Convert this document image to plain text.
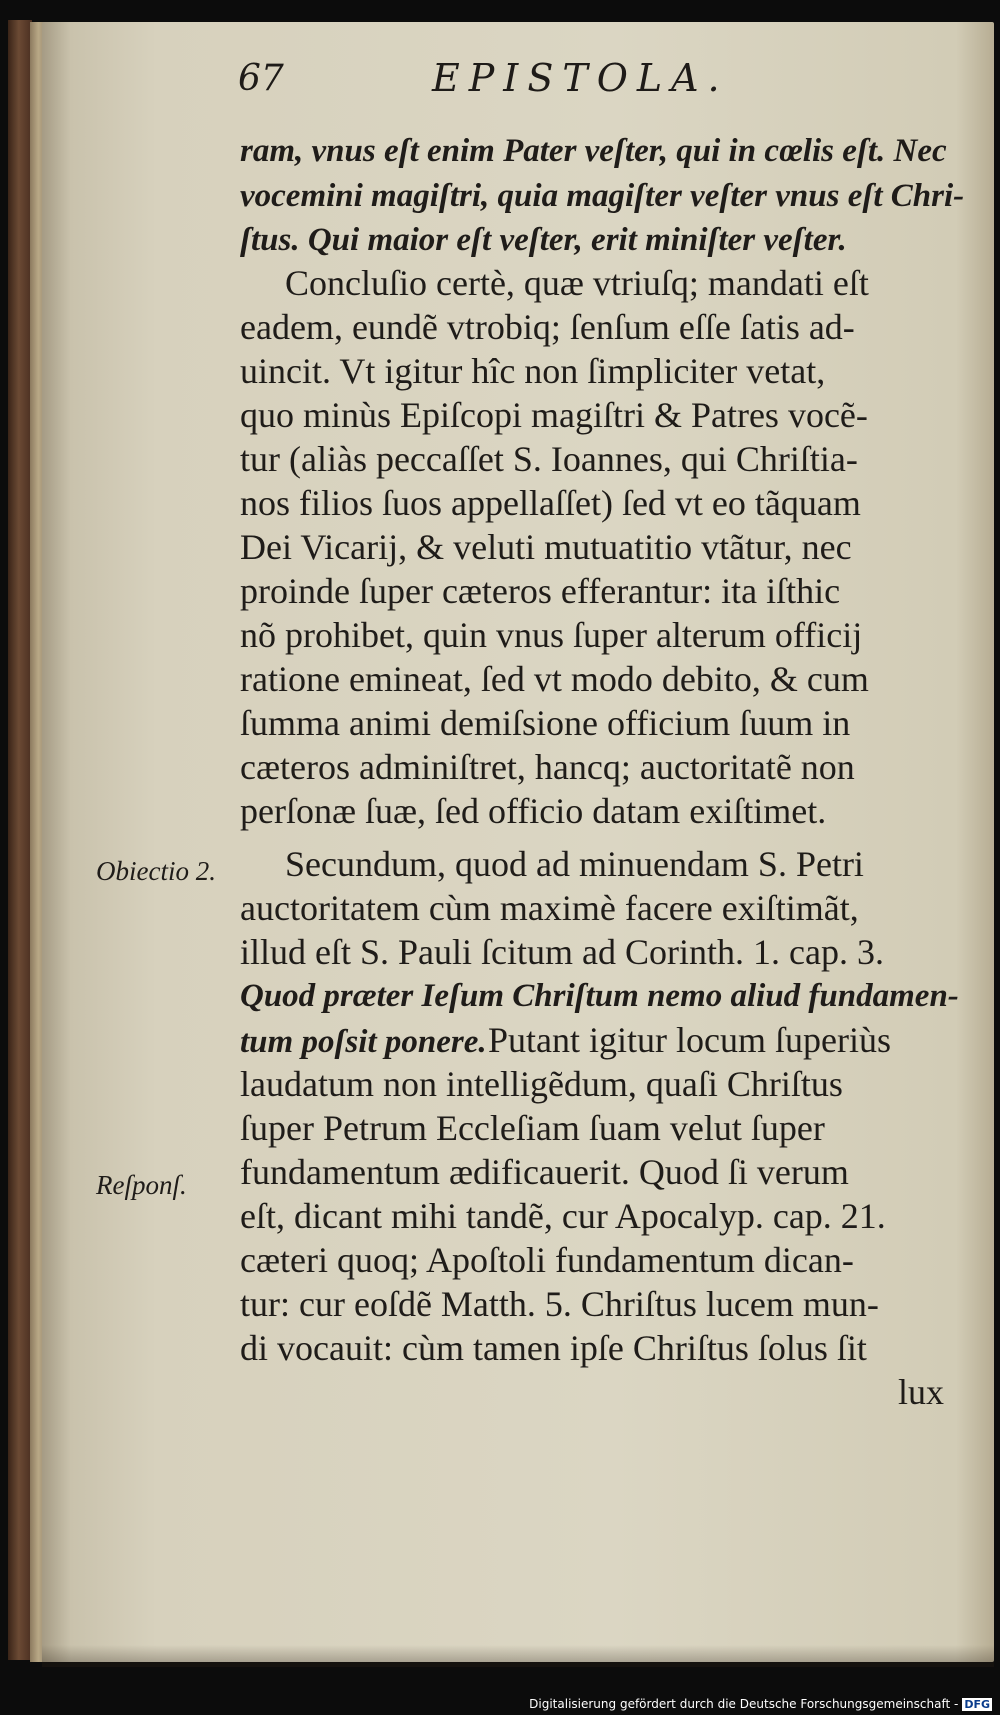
67	EPISTOLA.
ram, vnus eſt enim Pater veſter, qui in cœlis eſt. Nec
vocemini magiſtri, quia magiſter veſter vnus eſt Chri-
ſtus. Qui maior eſt veſter, erit miniſter veſter.
Concluſio certè, quæ vtriuſq; mandati eſt
eadem, eundẽ vtrobiq; ſenſum eſſe ſatis ad-
uincit. Vt igitur hîc non ſimpliciter vetat,
quo minùs Epiſcopi magiſtri & Patres vocẽ-
tur (aliàs peccaſſet S. Ioannes, qui Chriſtia-
nos filios ſuos appellaſſet) ſed vt eo tãquam
Dei Vicarij, & veluti mutuatitio vtãtur, nec
proinde ſuper cæteros efferantur: ita iſthic
nõ prohibet, quin vnus ſuper alterum officij
ratione emineat, ſed vt modo debito, & cum
ſumma animi demiſsione officium ſuum in
cæteros adminiſtret, hancq; auctoritatẽ non
perſonæ ſuæ, ſed officio datam exiſtimet.
Obiectio 2. Secundum, quod ad minuendam S. Petri
auctoritatem cùm maximè facere exiſtimãt,
illud eſt S. Pauli ſcitum ad Corinth. 1. cap. 3.
Quod præter Ieſum Chriſtum nemo aliud fundamen-
tum poſsit ponere. Putant igitur locum ſuperiùs
laudatum non intelligẽdum, quaſi Chriſtus
ſuper Petrum Eccleſiam ſuam velut ſuper
Reſponſ. fundamentum ædificauerit. Quod ſi verum
eſt, dicant mihi tandẽ, cur Apocalyp. cap. 21.
cæteri quoq; Apoſtoli fundamentum dican-
tur: cur eoſdẽ Matth. 5. Chriſtus lucem mun-
di vocauit: cùm tamen ipſe Chriſtus ſolus ſit
lux
Digitalisierung gefördert durch die Deutsche Forschungsgemeinschaft - DFG
